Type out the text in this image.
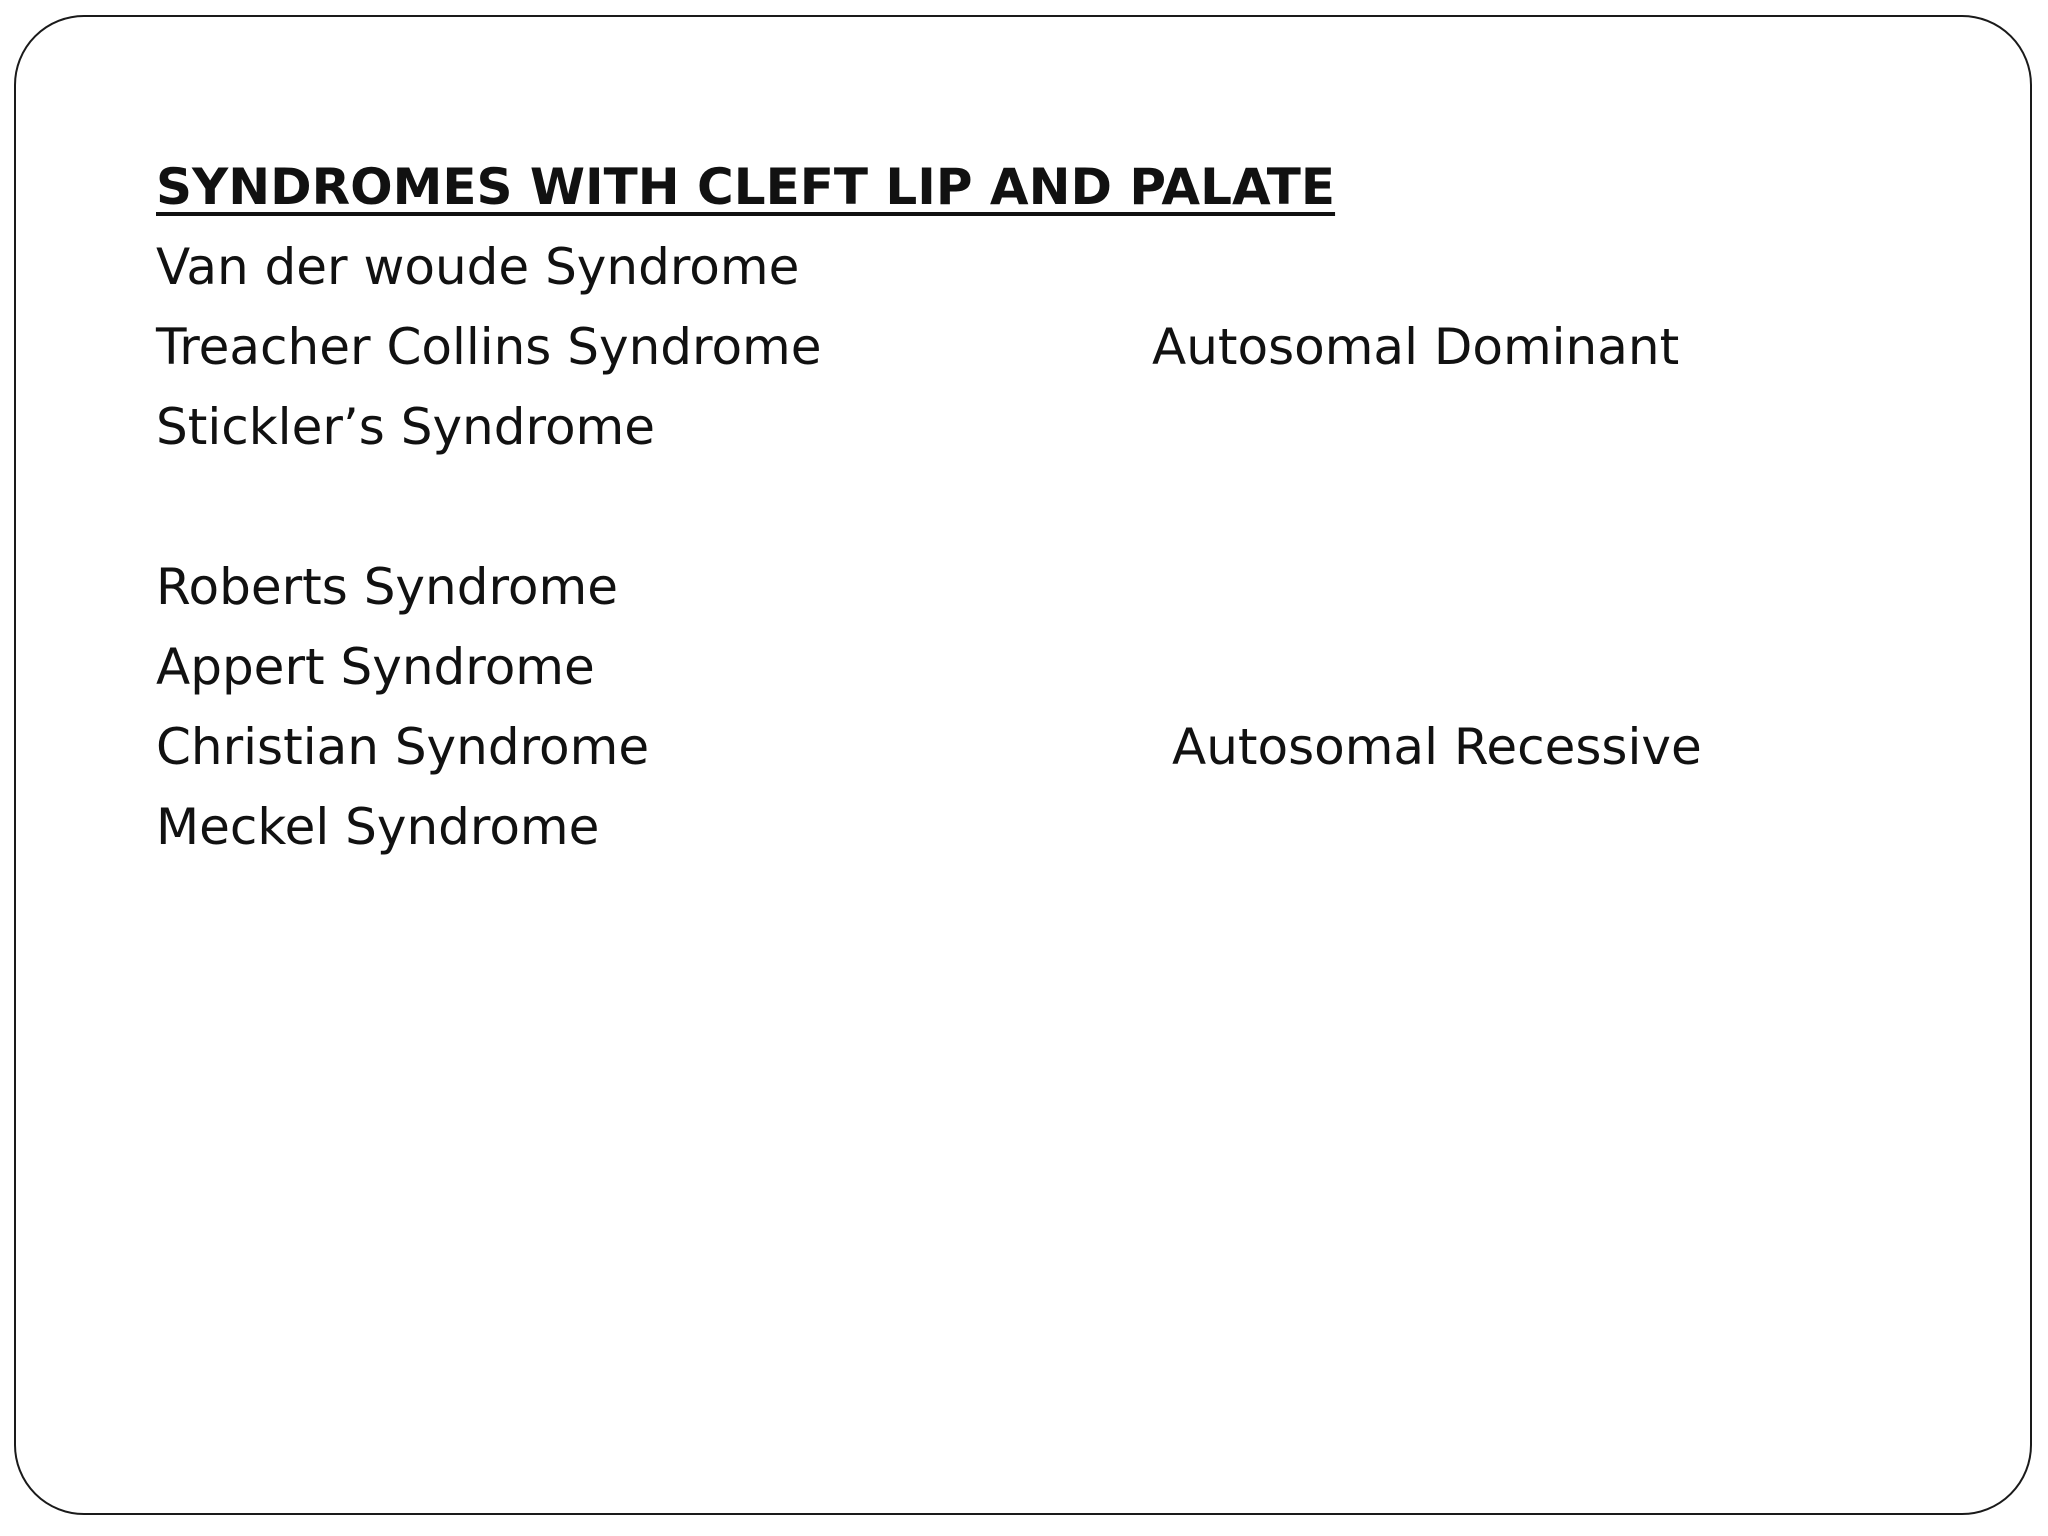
SYNDROMES WITH CLEFT LIP AND PALATE
Van der woude Syndrome
Treacher Collins Syndrome
Stickler’s Syndrome
Autosomal Dominant
Roberts Syndrome
Appert Syndrome
Christian Syndrome
Meckel Syndrome
Autosomal Recessive
